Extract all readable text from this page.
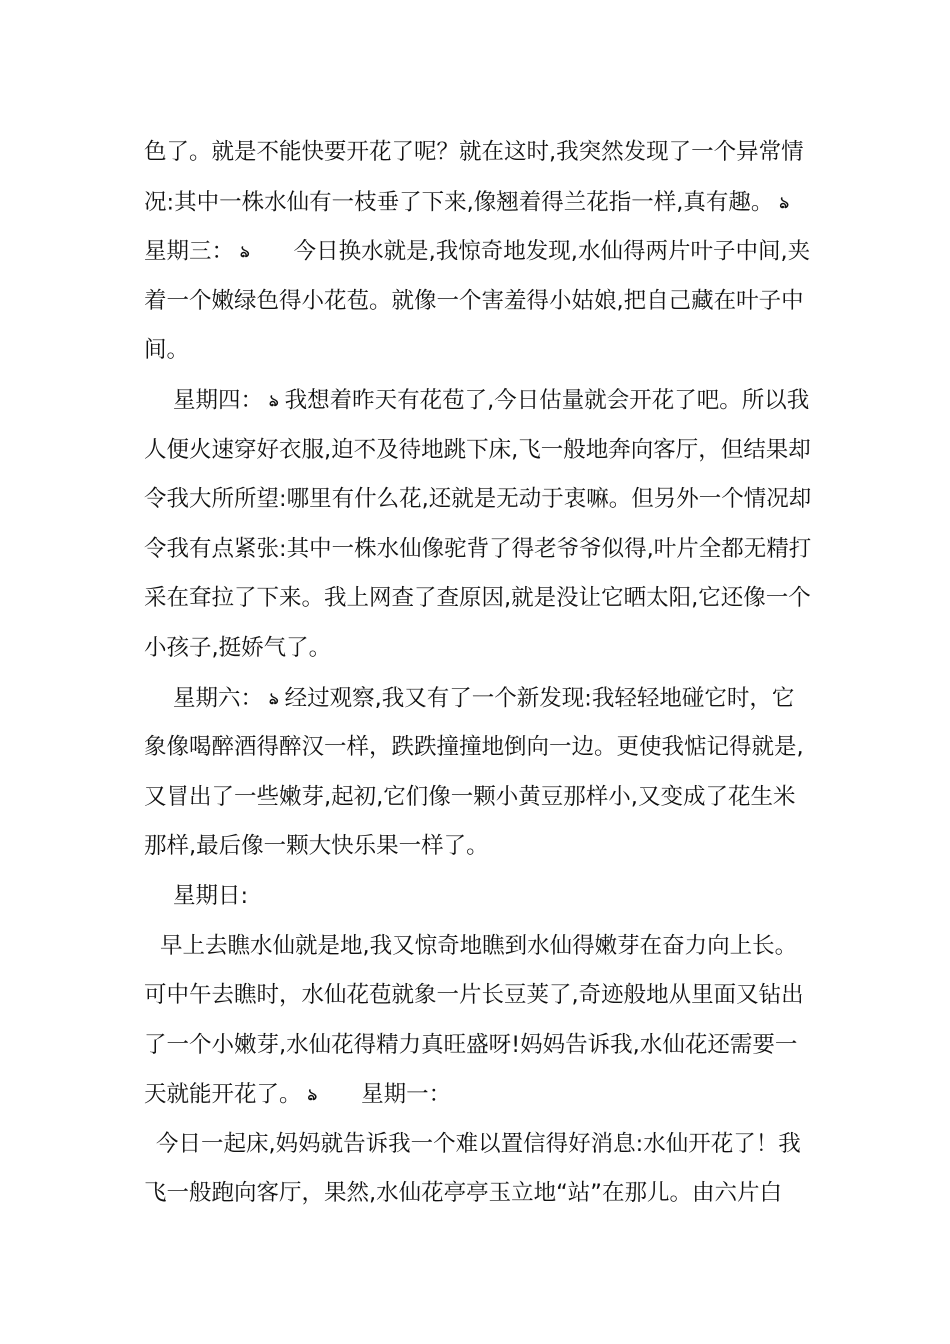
色了。就是不能快要开花了呢？就在这时,我突然发现了一个异常情
况:其中一株水仙有一枝垂了下来,像翘着得兰花指一样,真有趣。 ঌ
星期三： ঌ 今日换水就是,我惊奇地发现,水仙得两片叶子中间,夹
着一个嫩绿色得小花苞。就像一个害羞得小姑娘,把自己藏在叶子中
间。
星期四： ঌ 我想着昨天有花苞了,今日估量就会开花了吧。所以我
人便火速穿好衣服,迫不及待地跳下床,飞一般地奔向客厅，但结果却
令我大所所望:哪里有什么花,还就是无动于衷嘛。但另外一个情况却
令我有点紧张:其中一株水仙像驼背了得老爷爷似得,叶片全都无精打
采在耷拉了下来。我上网查了查原因,就是没让它晒太阳,它还像一个
小孩子,挺娇气了。
星期六： ঌ 经过观察,我又有了一个新发现:我轻轻地碰它时，它
象像喝醉酒得醉汉一样，跌跌撞撞地倒向一边。更使我惦记得就是,
又冒出了一些嫩芽,起初,它们像一颗小黄豆那样小,又变成了花生米
那样,最后像一颗大快乐果一样了。
星期日:
早上去瞧水仙就是地,我又惊奇地瞧到水仙得嫩芽在奋力向上长。
可中午去瞧时，水仙花苞就象一片长豆荚了,奇迹般地从里面又钻出
了一个小嫩芽,水仙花得精力真旺盛呀!妈妈告诉我,水仙花还需要一
天就能开花了。 ঌ 星期一：
今日一起床,妈妈就告诉我一个难以置信得好消息:水仙开花了！我
飞一般跑向客厅，果然,水仙花亭亭玉立地“站”在那儿。由六片白
